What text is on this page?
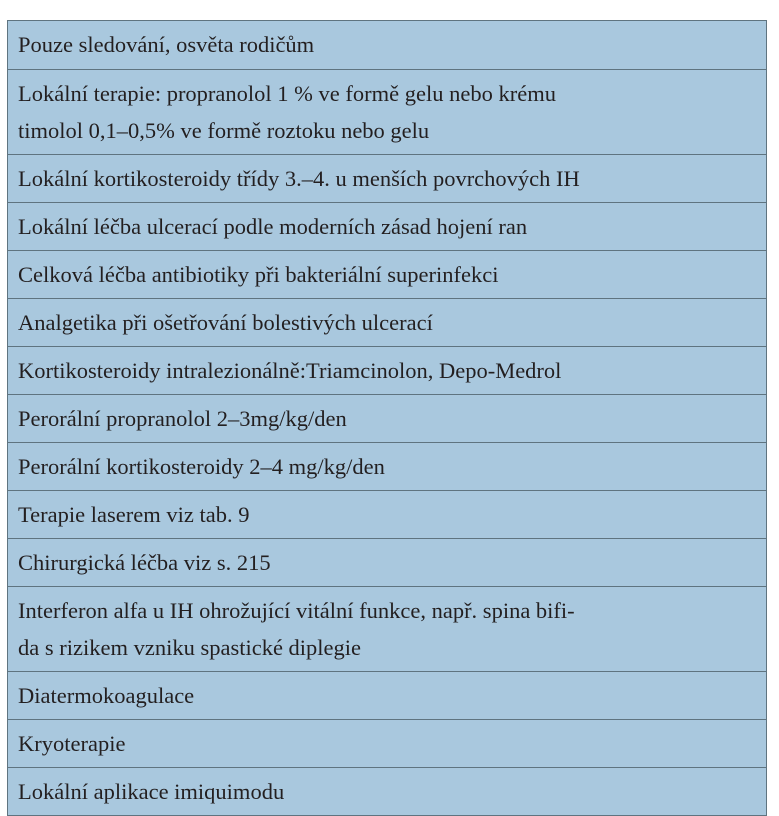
Pouze sledování, osvěta rodičům
Lokální terapie: propranolol 1 % ve formě gelu nebo krému
timolol 0,1–0,5% ve formě roztoku nebo gelu
Lokální kortikosteroidy třídy 3.–4. u menších povrchových IH
Lokální léčba ulcerací podle moderních zásad hojení ran
Celková léčba antibiotiky při bakteriální superinfekci
Analgetika při ošetřování bolestivých ulcerací
Kortikosteroidy intralezionálně:Triamcinolon, Depo-Medrol
Perorální propranolol 2–3mg/kg/den
Perorální kortikosteroidy 2–4 mg/kg/den
Terapie laserem viz tab. 9
Chirurgická léčba viz s. 215
Interferon alfa u IH ohrožující vitální funkce, např. spina bifi-
da s rizikem vzniku spastické diplegie
Diatermokoagulace
Kryoterapie
Lokální aplikace imiquimodu
